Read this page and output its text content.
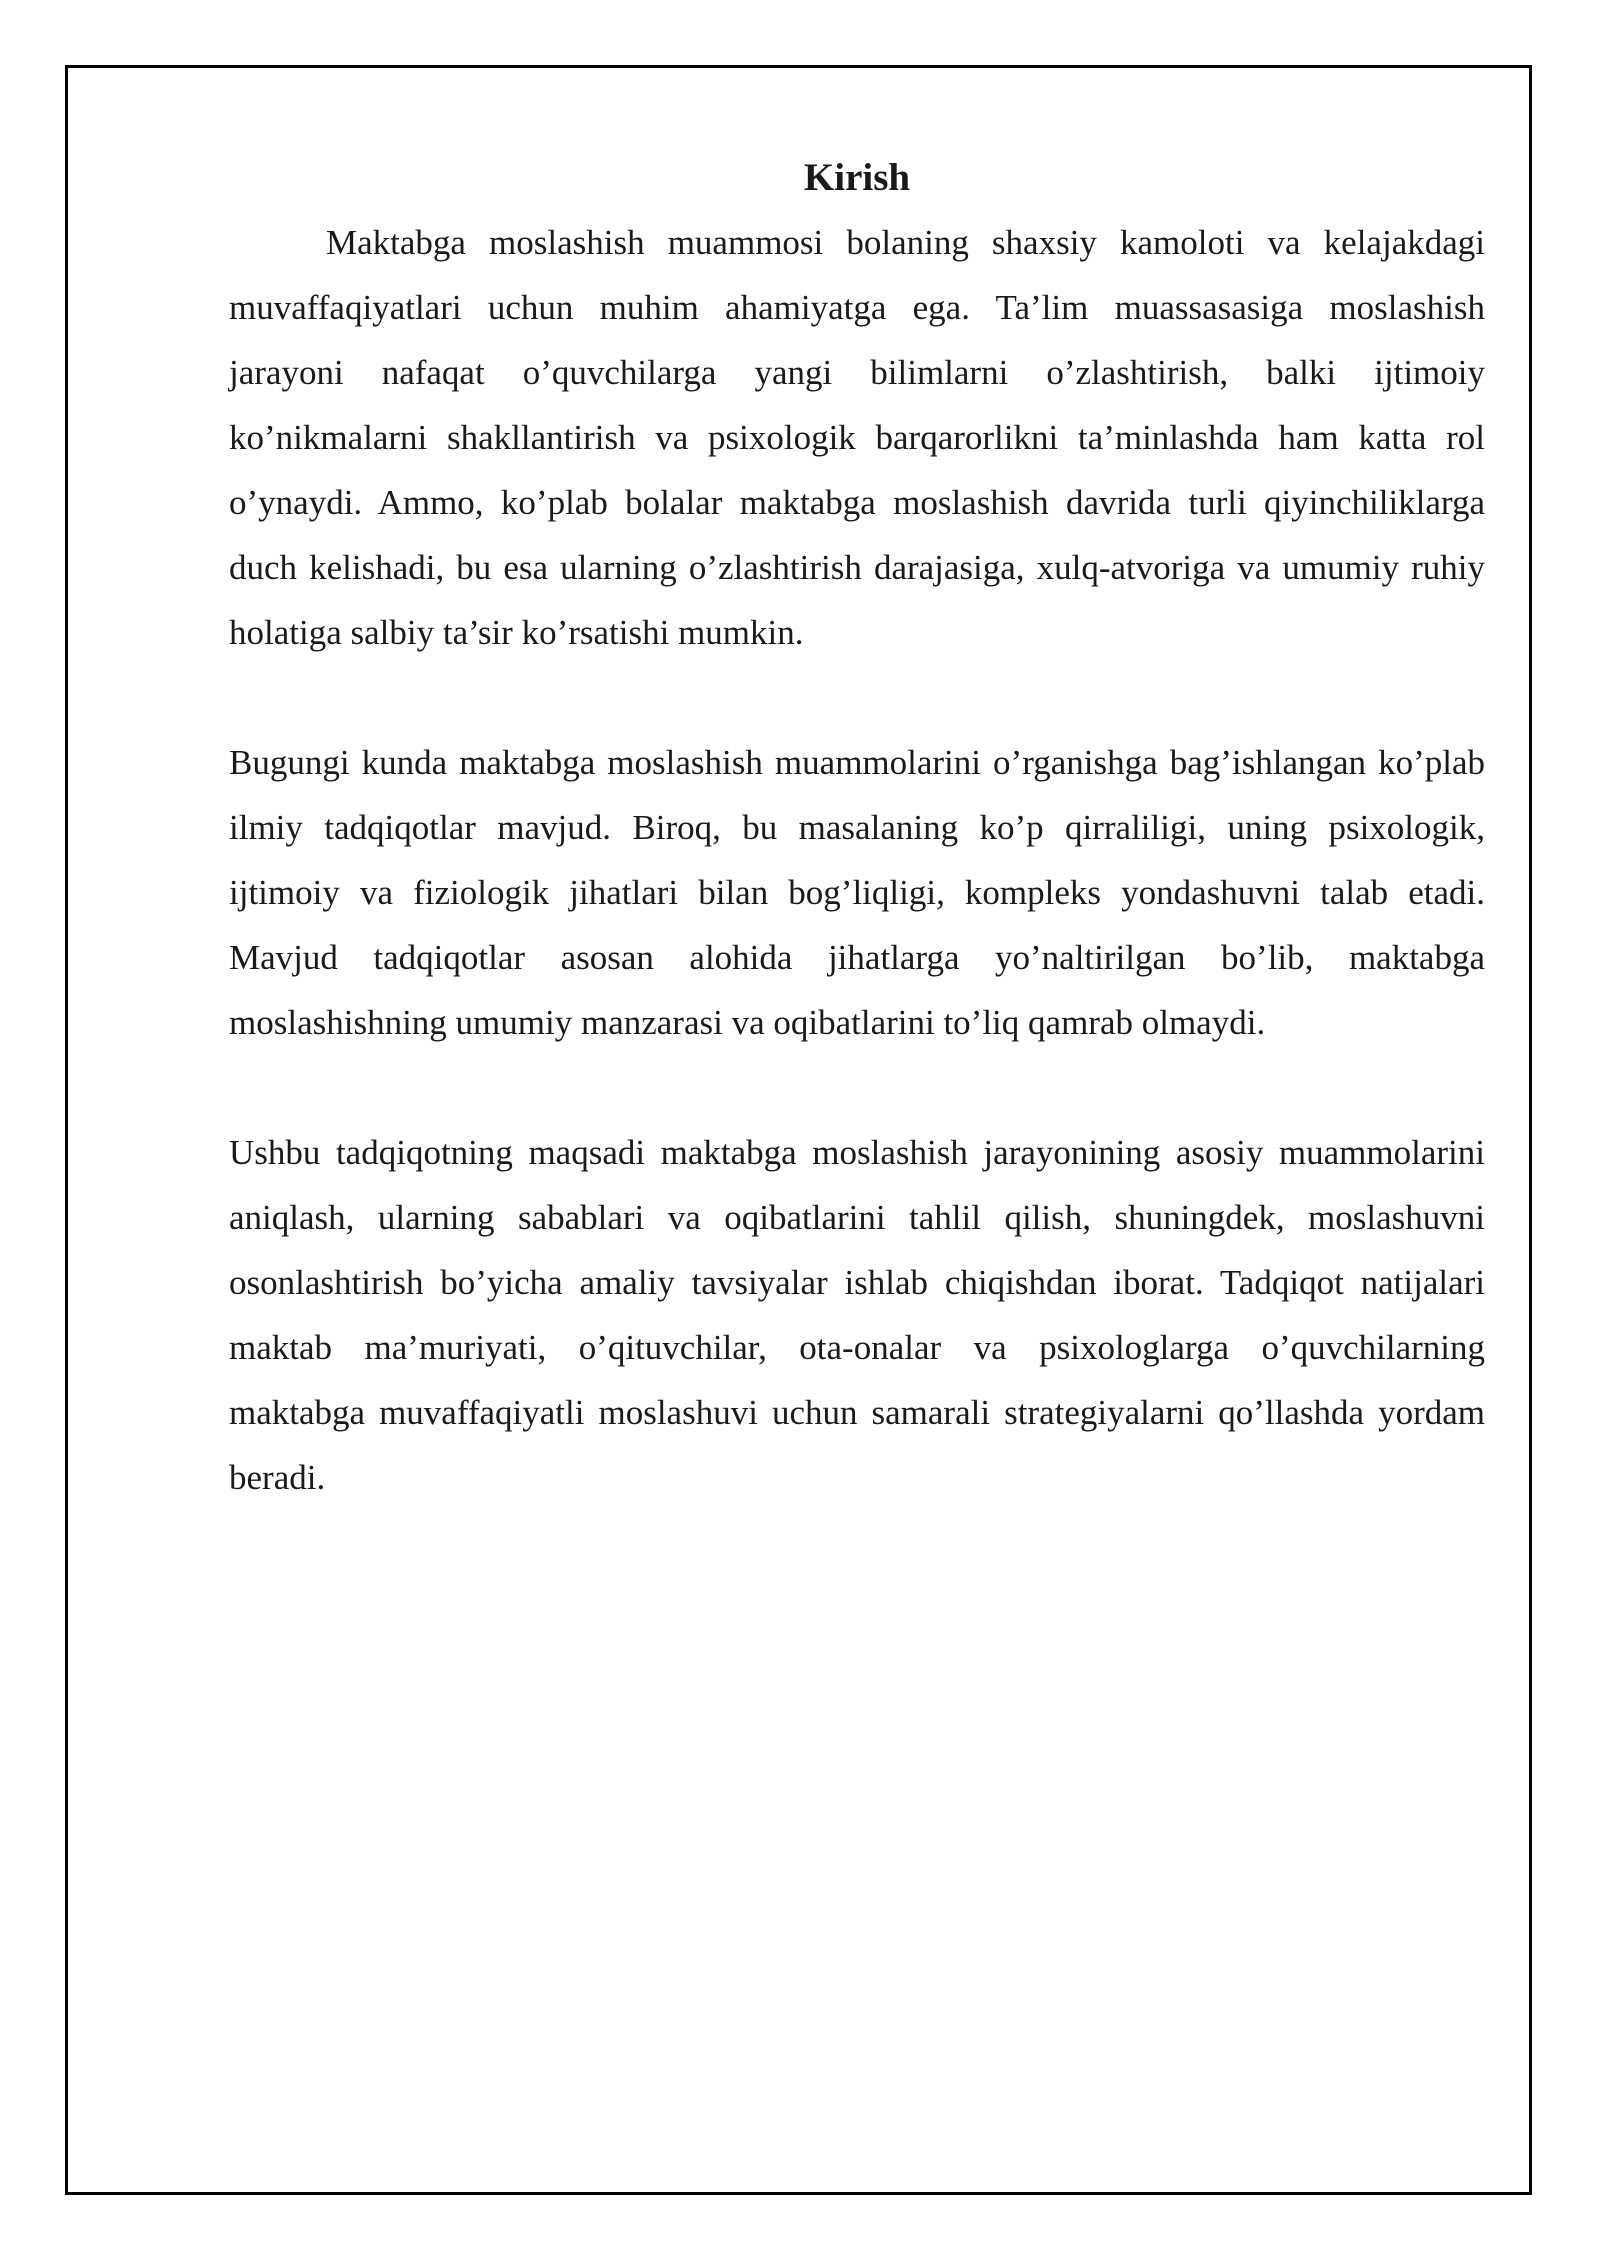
Kirish

Maktabga moslashish muammosi bolaning shaxsiy kamoloti va kelajakdagi muvaffaqiyatlari uchun muhim ahamiyatga ega. Ta’lim muassasasiga moslashish jarayoni nafaqat o’quvchilarga yangi bilimlarni o’zlashtirish, balki ijtimoiy ko’nikmalarni shakllantirish va psixologik barqarorlikni ta’minlashda ham katta rol o’ynaydi. Ammo, ko’plab bolalar maktabga moslashish davrida turli qiyinchiliklarga duch kelishadi, bu esa ularning o’zlashtirish darajasiga, xulq-atvoriga va umumiy ruhiy holatiga salbiy ta’sir ko’rsatishi mumkin.

Bugungi kunda maktabga moslashish muammolarini o’rganishga bag’ishlangan ko’plab ilmiy tadqiqotlar mavjud. Biroq, bu masalaning ko’p qirraliligi, uning psixologik, ijtimoiy va fiziologik jihatlari bilan bog’liqligi, kompleks yondashuvni talab etadi. Mavjud tadqiqotlar asosan alohida jihatlarga yo’naltirilgan bo’lib, maktabga moslashishning umumiy manzarasi va oqibatlarini to’liq qamrab olmaydi.

Ushbu tadqiqotning maqsadi maktabga moslashish jarayonining asosiy muammolarini aniqlash, ularning sabablari va oqibatlarini tahlil qilish, shuningdek, moslashuvni osonlashtirish bo’yicha amaliy tavsiyalar ishlab chiqishdan iborat. Tadqiqot natijalari maktab ma’muriyati, o’qituvchilar, ota-onalar va psixologlarga o’quvchilarning maktabga muvaffaqiyatli moslashuvi uchun samarali strategiyalarni qo’llashda yordam beradi.
